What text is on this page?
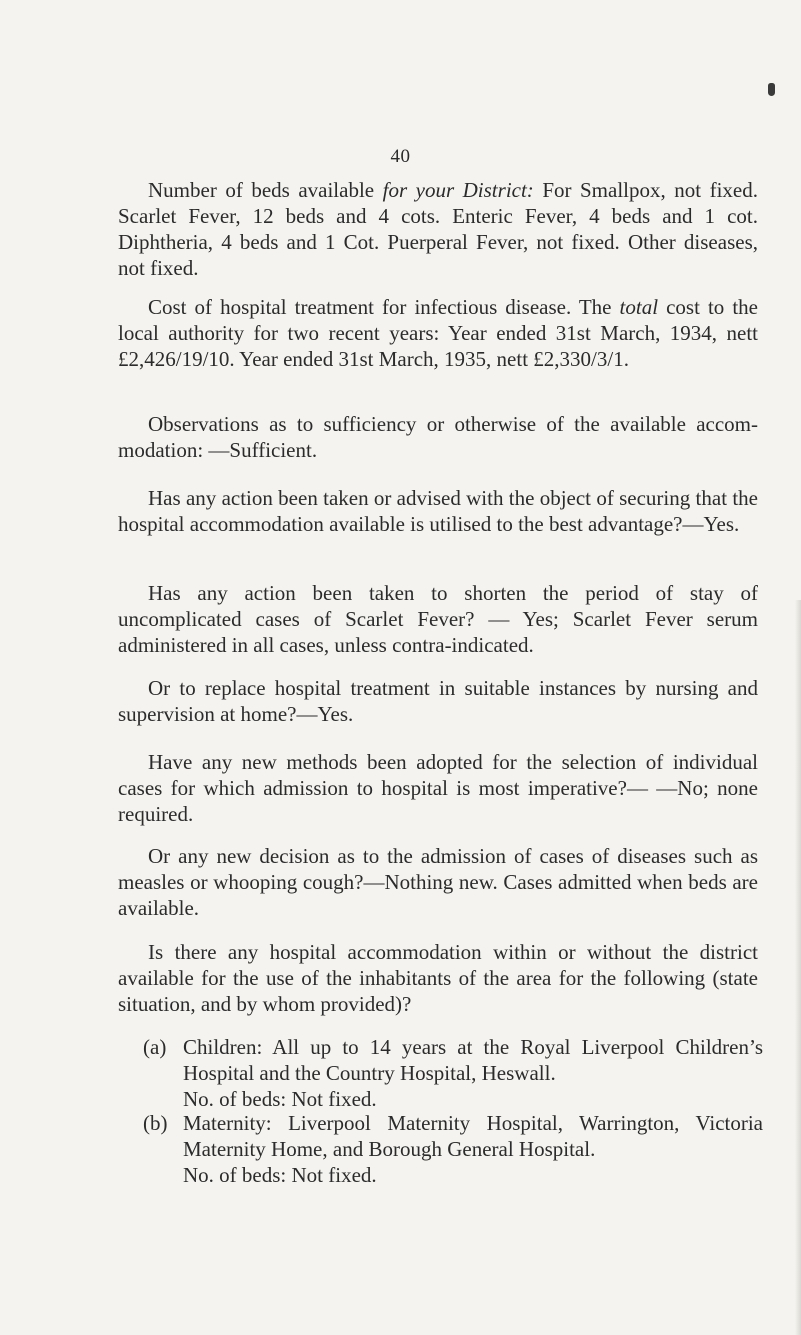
40

Number of beds available for your District: For Smallpox, not fixed. Scarlet Fever, 12 beds and 4 cots. Enteric Fever, 4 beds and 1 cot. Diphtheria, 4 beds and 1 Cot. Puerperal Fever, not fixed. Other diseases, not fixed.

Cost of hospital treatment for infectious disease. The total cost to the local authority for two recent years: Year ended 31st March, 1934, nett £2,426/19/10. Year ended 31st March, 1935, nett £2,330/3/1.

Observations as to sufficiency or otherwise of the available accommodation: —Sufficient.

Has any action been taken or advised with the object of securing that the hospital accommodation available is utilised to the best advantage?—Yes.

Has any action been taken to shorten the period of stay of uncomplicated cases of Scarlet Fever? — Yes; Scarlet Fever serum administered in all cases, unless contra-indicated.

Or to replace hospital treatment in suitable instances by nursing and supervision at home?—Yes.

Have any new methods been adopted for the selection of individual cases for which admission to hospital is most imperative?— —No; none required.

Or any new decision as to the admission of cases of diseases such as measles or whooping cough?—Nothing new. Cases admitted when beds are available.

Is there any hospital accommodation within or without the district available for the use of the inhabitants of the area for the following (state situation, and by whom provided)?

(a) Children: All up to 14 years at the Royal Liverpool Children’s Hospital and the Country Hospital, Heswall.
No. of beds: Not fixed.
(b) Maternity: Liverpool Maternity Hospital, Warrington, Victoria Maternity Home, and Borough General Hospital.
No. of beds: Not fixed.
